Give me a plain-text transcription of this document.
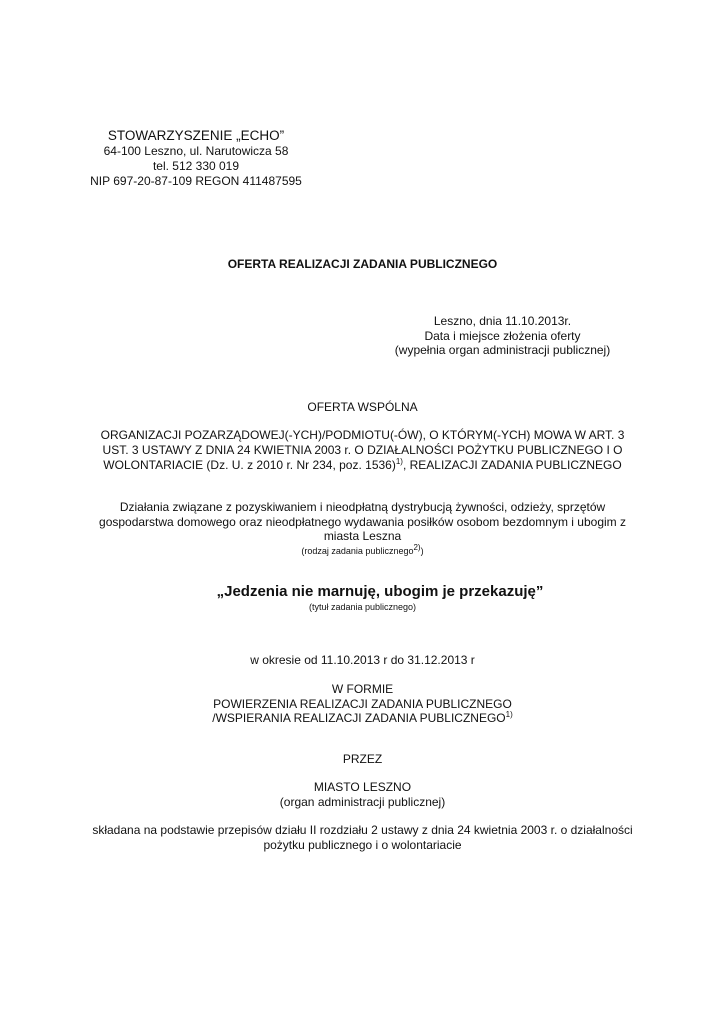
STOWARZYSZENIE „ECHO”
64-100 Leszno, ul. Narutowicza 58
tel. 512 330 019
NIP 697-20-87-109 REGON 411487595
OFERTA REALIZACJI ZADANIA PUBLICZNEGO
Leszno, dnia 11.10.2013r.
Data i miejsce złożenia oferty
(wypełnia organ administracji publicznej)
OFERTA WSPÓLNA
ORGANIZACJI POZARZĄDOWEJ(-YCH)/PODMIOTU(-ÓW), O KTÓRYM(-YCH) MOWA W ART. 3
UST. 3 USTAWY Z DNIA 24 KWIETNIA 2003 r. O DZIAŁALNOŚCI POŻYTKU PUBLICZNEGO I O
WOLONTARIACIE (Dz. U. z 2010 r. Nr 234, poz. 1536)$^{1)}$, REALIZACJI ZADANIA PUBLICZNEGO
Działania związane z pozyskiwaniem i nieodpłatną dystrybucją żywności, odzieży, sprzętów
gospodarstwa domowego oraz nieodpłatnego wydawania posiłków osobom bezdomnym i ubogim z
miasta Leszna
(rodzaj zadania publicznego$^{2)}$)
„Jedzenia nie marnuję, ubogim je przekazuję”
(tytuł zadania publicznego)
w okresie od 11.10.2013 r do 31.12.2013 r
W FORMIE
POWIERZENIA REALIZACJI ZADANIA PUBLICZNEGO
/WSPIERANIA REALIZACJI ZADANIA PUBLICZNEGO$^{1)}$
PRZEZ
MIASTO LESZNO
(organ administracji publicznej)
składana na podstawie przepisów działu II rozdziału 2 ustawy z dnia 24 kwietnia 2003 r. o działalności
pożytku publicznego i o wolontariacie
